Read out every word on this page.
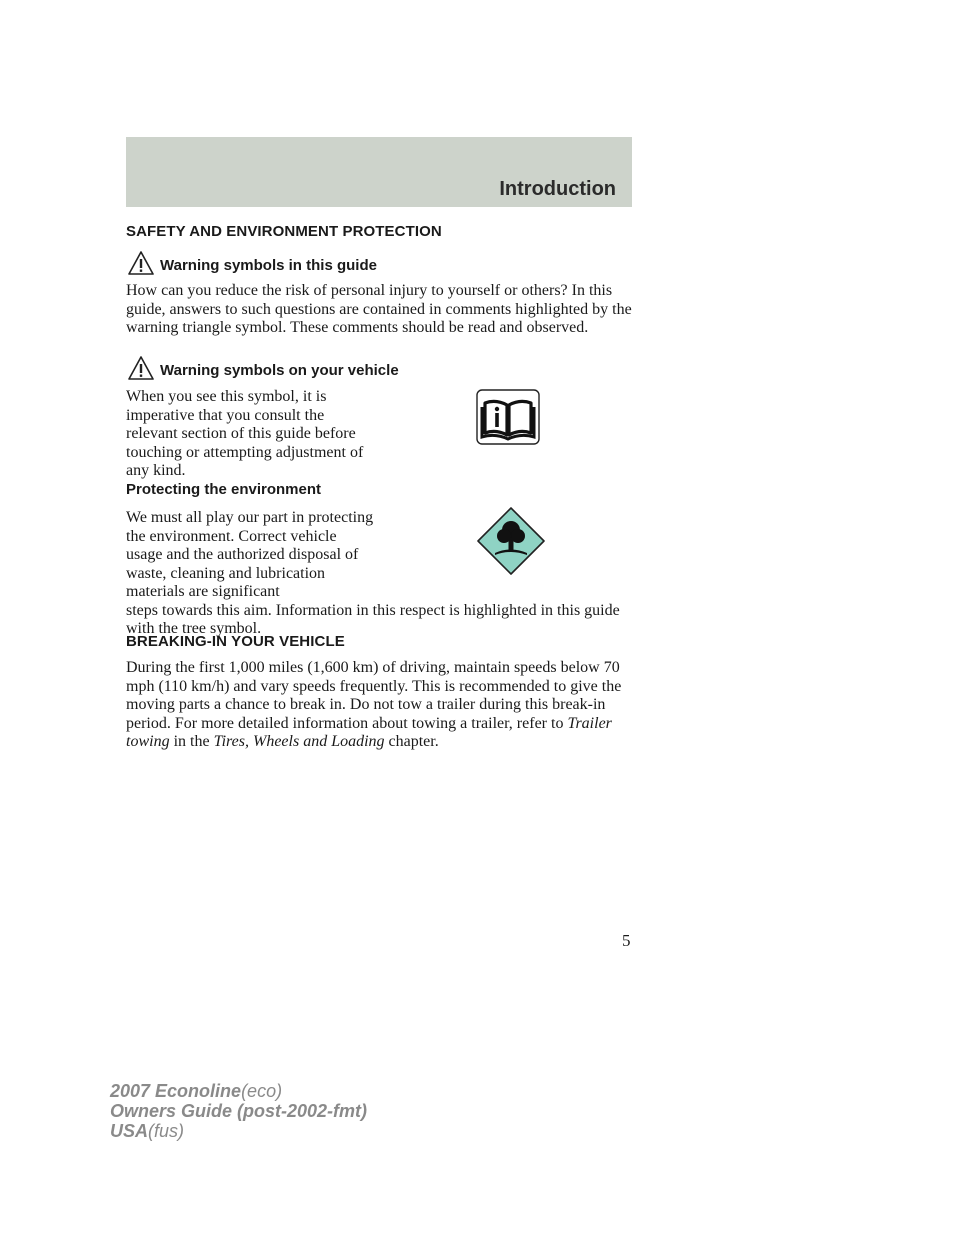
Introduction
SAFETY AND ENVIRONMENT PROTECTION
Warning symbols in this guide

How can you reduce the risk of personal injury to yourself or others? In this guide, answers to such questions are contained in comments highlighted by the warning triangle symbol. These comments should be read and observed.

Warning symbols on your vehicle

When you see this symbol, it is imperative that you consult the relevant section of this guide before touching or attempting adjustment of any kind.

Protecting the environment

We must all play our part in protecting the environment. Correct vehicle usage and the authorized disposal of waste, cleaning and lubrication materials are significant

steps towards this aim. Information in this respect is highlighted in this guide with the tree symbol.

BREAKING-IN YOUR VEHICLE

During the first 1,000 miles (1,600 km) of driving, maintain speeds below 70 mph (110 km/h) and vary speeds frequently. This is recommended to give the moving parts a chance to break in. Do not tow a trailer during this break-in period. For more detailed information about towing a trailer, refer to Trailer towing in the Tires, Wheels and Loading chapter.

5
2007 Econoline(eco)
Owners Guide (post-2002-fmt)
USA(fus)
